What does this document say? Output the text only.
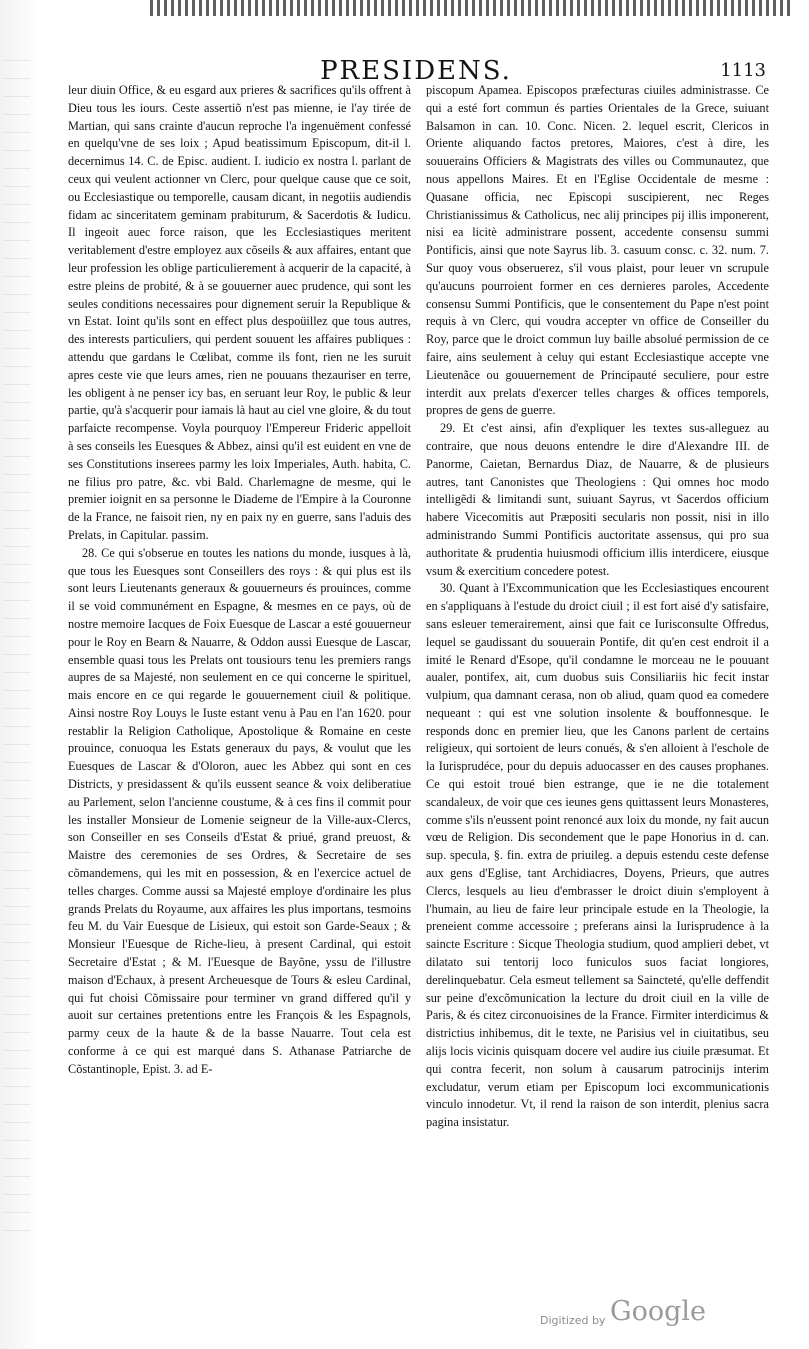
PRESIDENS.	1113

leur diuin Office, & eu esgard aux prieres & sacrifices qu'ils offrent à Dieu tous les iours. Ceste assertiõ n'est pas mienne, ie l'ay tirée de Martian, qui sans crainte d'aucun reproche l'a ingenuëment confessé en quelqu'vne de ses loix ; Apud beatissimum Episcopum, dit-il l. decernimus 14. C. de Episc. audient. I. iudicio ex nostra l. parlant de ceux qui veulent actionner vn Clerc, pour quelque cause que ce soit, ou Ecclesiastique ou temporelle, causam dicant, in negotiis audiendis fidam ac sinceritatem geminam prabiturum, & Sacerdotis & Iudicu. Il ingeoit auec force raison, que les Ecclesiastiques meritent veritablement d'estre employez aux cõseils & aux affaires, entant que leur profession les oblige particulierement à acquerir de la capacité, à estre pleins de probité, & à se gouuerner auec prudence, qui sont les seules conditions necessaires pour dignement seruir la Republique & vn Estat. Ioint qu'ils sont en effect plus despoüillez que tous autres, des interests particuliers, qui perdent souuent les affaires publiques : attendu que gardans le Cœlibat, comme ils font, rien ne les suruit apres ceste vie que leurs ames, rien ne pouuans thezauriser en terre, les obligent à ne penser icy bas, en seruant leur Roy, le public & leur partie, qu'à s'acquerir pour iamais là haut au ciel vne gloire, & du tout parfaicte recompense. Voyla pourquoy l'Empereur Frideric appelloit à ses conseils les Euesques & Abbez, ainsi qu'il est euident en vne de ses Constitutions inserees parmy les loix Imperiales, Auth. habita, C. ne filius pro patre, &c. vbi Bald. Charlemagne de mesme, qui le premier ioignit en sa personne le Diademe de l'Empire à la Couronne de la France, ne faisoit rien, ny en paix ny en guerre, sans l'aduis des Prelats, in Capitular. passim.

28. Ce qui s'obserue en toutes les nations du monde, iusques à là, que tous les Euesques sont Conseillers des roys : & qui plus est ils sont leurs Lieutenants generaux & gouuerneurs és prouinces, comme il se void communément en Espagne, & mesmes en ce pays, où de nostre memoire Iacques de Foix Euesque de Lascar a esté gouuerneur pour le Roy en Bearn & Nauarre, & Oddon aussi Euesque de Lascar, ensemble quasi tous les Prelats ont tousiours tenu les premiers rangs aupres de sa Majesté, non seulement en ce qui concerne le spirituel, mais encore en ce qui regarde le gouuernement ciuil & politique. Ainsi nostre Roy Louys le Iuste estant venu à Pau en l'an 1620. pour restablir la Religion Catholique, Apostolique & Romaine en ceste prouince, conuoqua les Estats generaux du pays, & voulut que les Euesques de Lascar & d'Oloron, auec les Abbez qui sont en ces Districts, y presidassent & qu'ils eussent seance & voix deliberatiue au Parlement, selon l'ancienne coustume, & à ces fins il commit pour les installer Monsieur de Lomenie seigneur de la Ville-aux-Clercs, son Conseiller en ses Conseils d'Estat & priué, grand preuost, & Maistre des ceremonies de ses Ordres, & Secretaire de ses cõmandemens, qui les mit en possession, & en l'exercice actuel de telles charges. Comme aussi sa Majesté employe d'ordinaire les plus grands Prelats du Royaume, aux affaires les plus importans, tesmoins feu M. du Vair Euesque de Lisieux, qui estoit son Garde-Seaux ; & Monsieur l'Euesque de Riche-lieu, à present Cardinal, qui estoit Secretaire d'Estat ; & M. l'Euesque de Bayõne, yssu de l'illustre maison d'Echaux, à present Archeuesque de Tours & esleu Cardinal, qui fut choisi Cõmissaire pour terminer vn grand differed qu'il y auoit sur certaines pretentions entre les François & les Espagnols, parmy ceux de la haute & de la basse Nauarre. Tout cela est conforme à ce qui est marqué dans S. Athanase Patriarche de Cõstantinople, Epist. 3. ad E-

piscopum Apamea. Episcopos præfecturas ciuiles administrasse. Ce qui a esté fort commun és parties Orientales de la Grece, suiuant Balsamon in can. 10. Conc. Nicen. 2. lequel escrit, Clericos in Oriente aliquando factos pretores, Maiores, c'est à dire, les souuerains Officiers & Magistrats des villes ou Communautez, que nous appellons Maires. Et en l'Eglise Occidentale de mesme : Quasane officia, nec Episcopi suscipierent, nec Reges Christianissimus & Catholicus, nec alij principes pij illis imponerent, nisi ea licitè administrare possent, accedente consensu summi Pontificis, ainsi que note Sayrus lib. 3. casuum consc. c. 32. num. 7. Sur quoy vous obseruerez, s'il vous plaist, pour leuer vn scrupule qu'aucuns pourroient former en ces dernieres paroles, Accedente consensu Summi Pontificis, que le consentement du Pape n'est point requis à vn Clerc, qui voudra accepter vn office de Conseiller du Roy, parce que le droict commun luy baille absolué permission de ce faire, ains seulement à celuy qui estant Ecclesiastique accepte vne Lieutenãce ou gouuernement de Principauté seculiere, pour estre interdit aux prelats d'exercer telles charges & offices temporels, propres de gens de guerre.

29. Et c'est ainsi, afin d'expliquer les textes sus-alleguez au contraire, que nous deuons entendre le dire d'Alexandre III. de Panorme, Caietan, Bernardus Diaz, de Nauarre, & de plusieurs autres, tant Canonistes que Theologiens : Qui omnes hoc modo intelligẽdi & limitandi sunt, suiuant Sayrus, vt Sacerdos officium habere Vicecomitis aut Præpositi secularis non possit, nisi in illo administrando Summi Pontificis auctoritate assensus, qui pro sua authoritate & prudentia huiusmodi officium illis interdicere, eiusque vsum & exercitium concedere potest.

30. Quant à l'Excommunication que les Ecclesiastiques encourent en s'appliquans à l'estude du droict ciuil ; il est fort aisé d'y satisfaire, sans esleuer temerairement, ainsi que fait ce Iurisconsulte Offredus, lequel se gaudissant du souuerain Pontife, dit qu'en cest endroit il a imité le Renard d'Esope, qu'il condamne le morceau ne le pouuant aualer, pontifex, ait, cum duobus suis Consiliariis hic fecit instar vulpium, qua damnant cerasa, non ob aliud, quam quod ea comedere nequeant : qui est vne solution insolente & bouffonnesque. Ie responds donc en premier lieu, que les Canons parlent de certains religieux, qui sortoient de leurs conués, & s'en alloient à l'eschole de la Iurisprudéce, pour du depuis aduocasser en des causes prophanes. Ce qui estoit troué bien estrange, que ie ne die totalement scandaleux, de voir que ces ieunes gens quittassent leurs Monasteres, comme s'ils n'eussent point renoncé aux loix du monde, ny fait aucun vœu de Religion. Dis secondement que le pape Honorius in d. can. sup. specula, §. fin. extra de priuileg. a depuis estendu ceste defense aux gens d'Eglise, tant Archidiacres, Doyens, Prieurs, que autres Clercs, lesquels au lieu d'embrasser le droict diuin s'employent à l'humain, au lieu de faire leur principale estude en la Theologie, la preneient comme accessoire ; preferans ainsi la Iurisprudence à la saincte Escriture : Sicque Theologia studium, quod amplieri debet, vt dilatato sui tentorij loco funiculos suos faciat longiores, derelinquebatur. Cela esmeut tellement sa Saincteté, qu'elle deffendit sur peine d'excõmunication la lecture du droit ciuil en la ville de Paris, & és citez circonuoisines de la France. Firmiter interdicimus & districtius inhibemus, dit le texte, ne Parisius vel in ciuitatibus, seu alijs locis vicinis quisquam docere vel audire ius ciuile præsumat. Et qui contra fecerit, non solum à causarum patrocinijs interim excludatur, verum etiam per Episcopum loci excommunicationis vinculo innodetur. Vt, il rend la raison de son interdit, plenius sacra pagina insistatur.

Digitized by Google
